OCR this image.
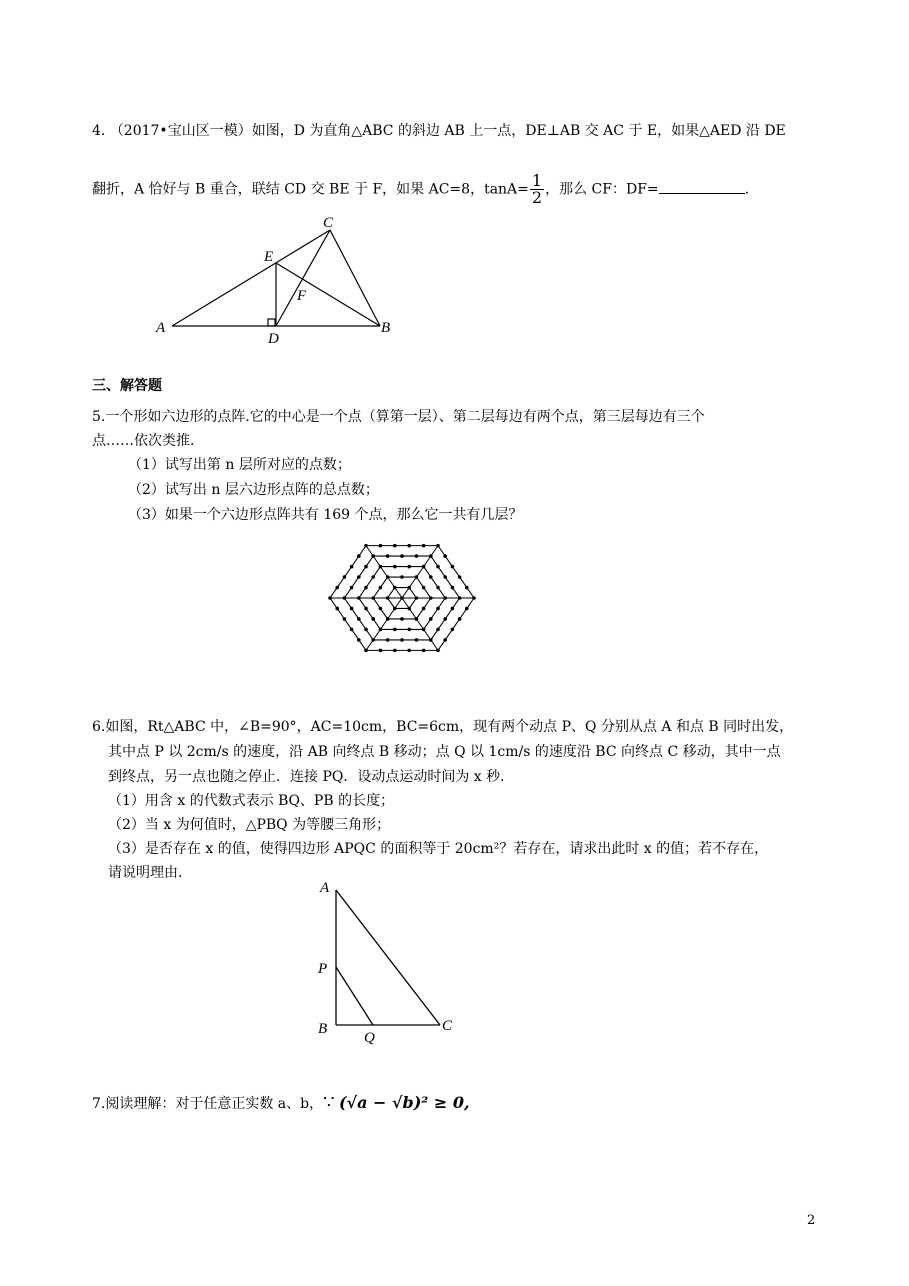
4. （2017•宝山区一模）如图，D 为直角△ABC 的斜边 AB 上一点，DE⊥AB 交 AC 于 E，如果△AED 沿 DE
翻折，A 恰好与 B 重合，联结 CD 交 BE 于 F，如果 AC=8，$\tan A= \frac{1}{2}$ ，那么 CF：DF=	.
A	B
C
D
E
F
三、解答题
5.一个形如六边形的点阵.它的中心是一个点（算第一层）、第二层每边有两个点，第三层每边有三个
点……依次类推.
（1）试写出第 n 层所对应的点数；
（2）试写出 n 层六边形点阵的总点数；
（3）如果一个六边形点阵共有 169 个点，那么它一共有几层？
6.如图，Rt△ABC 中，∠B=90°，AC=10cm，BC=6cm，现有两个动点 P、Q 分别从点 A 和点 B 同时出发，
其中点 P 以 2cm/s 的速度，沿 AB 向终点 B 移动；点 Q 以 1cm/s 的速度沿 BC 向终点 C 移动，其中一点
到终点，另一点也随之停止．连接 PQ．设动点运动时间为 x 秒．
（1）用含 x 的代数式表示 BQ、PB 的长度；
（2）当 x 为何值时，△PBQ 为等腰三角形；
（3）是否存在 x 的值，使得四边形 APQC 的面积等于 20cm²？若存在，请求出此时 x 的值；若不存在，
请说明理由.
A
P
B
Q
C
7.阅读理解：对于任意正实数 a、b，∵ (√a − √b)² ≥ 0,
2
